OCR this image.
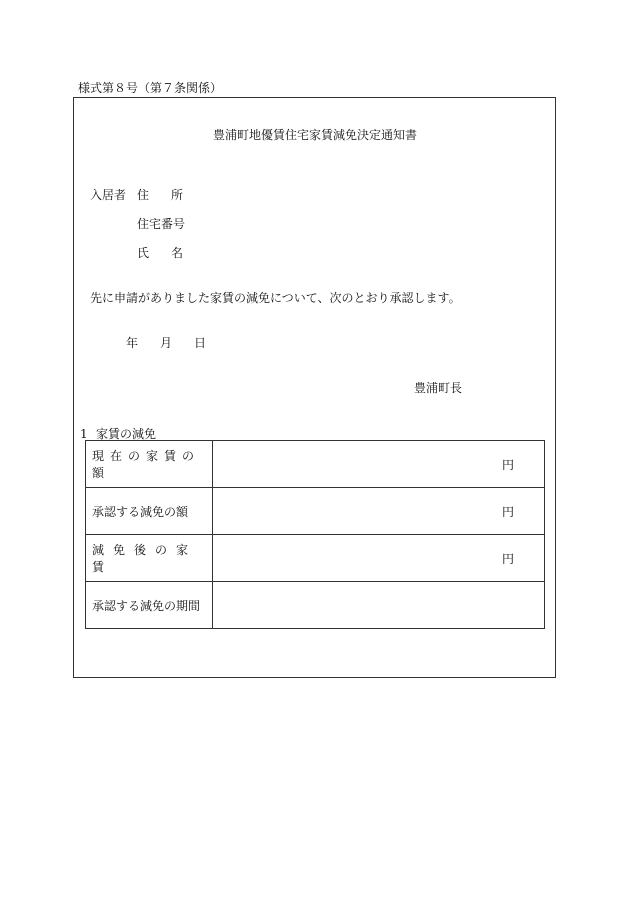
様式第８号（第７条関係）
豊浦町地優賃住宅家賃減免決定通知書
入居者 住 所
住宅番号
氏 名
先に申請がありました家賃の減免について、次のとおり承認します。
年 月 日
豊浦町長
1 家賃の減免
現在の家賃の額	円
承認する減免の額	円
減免後の家賃	円
承認する減免の期間	
